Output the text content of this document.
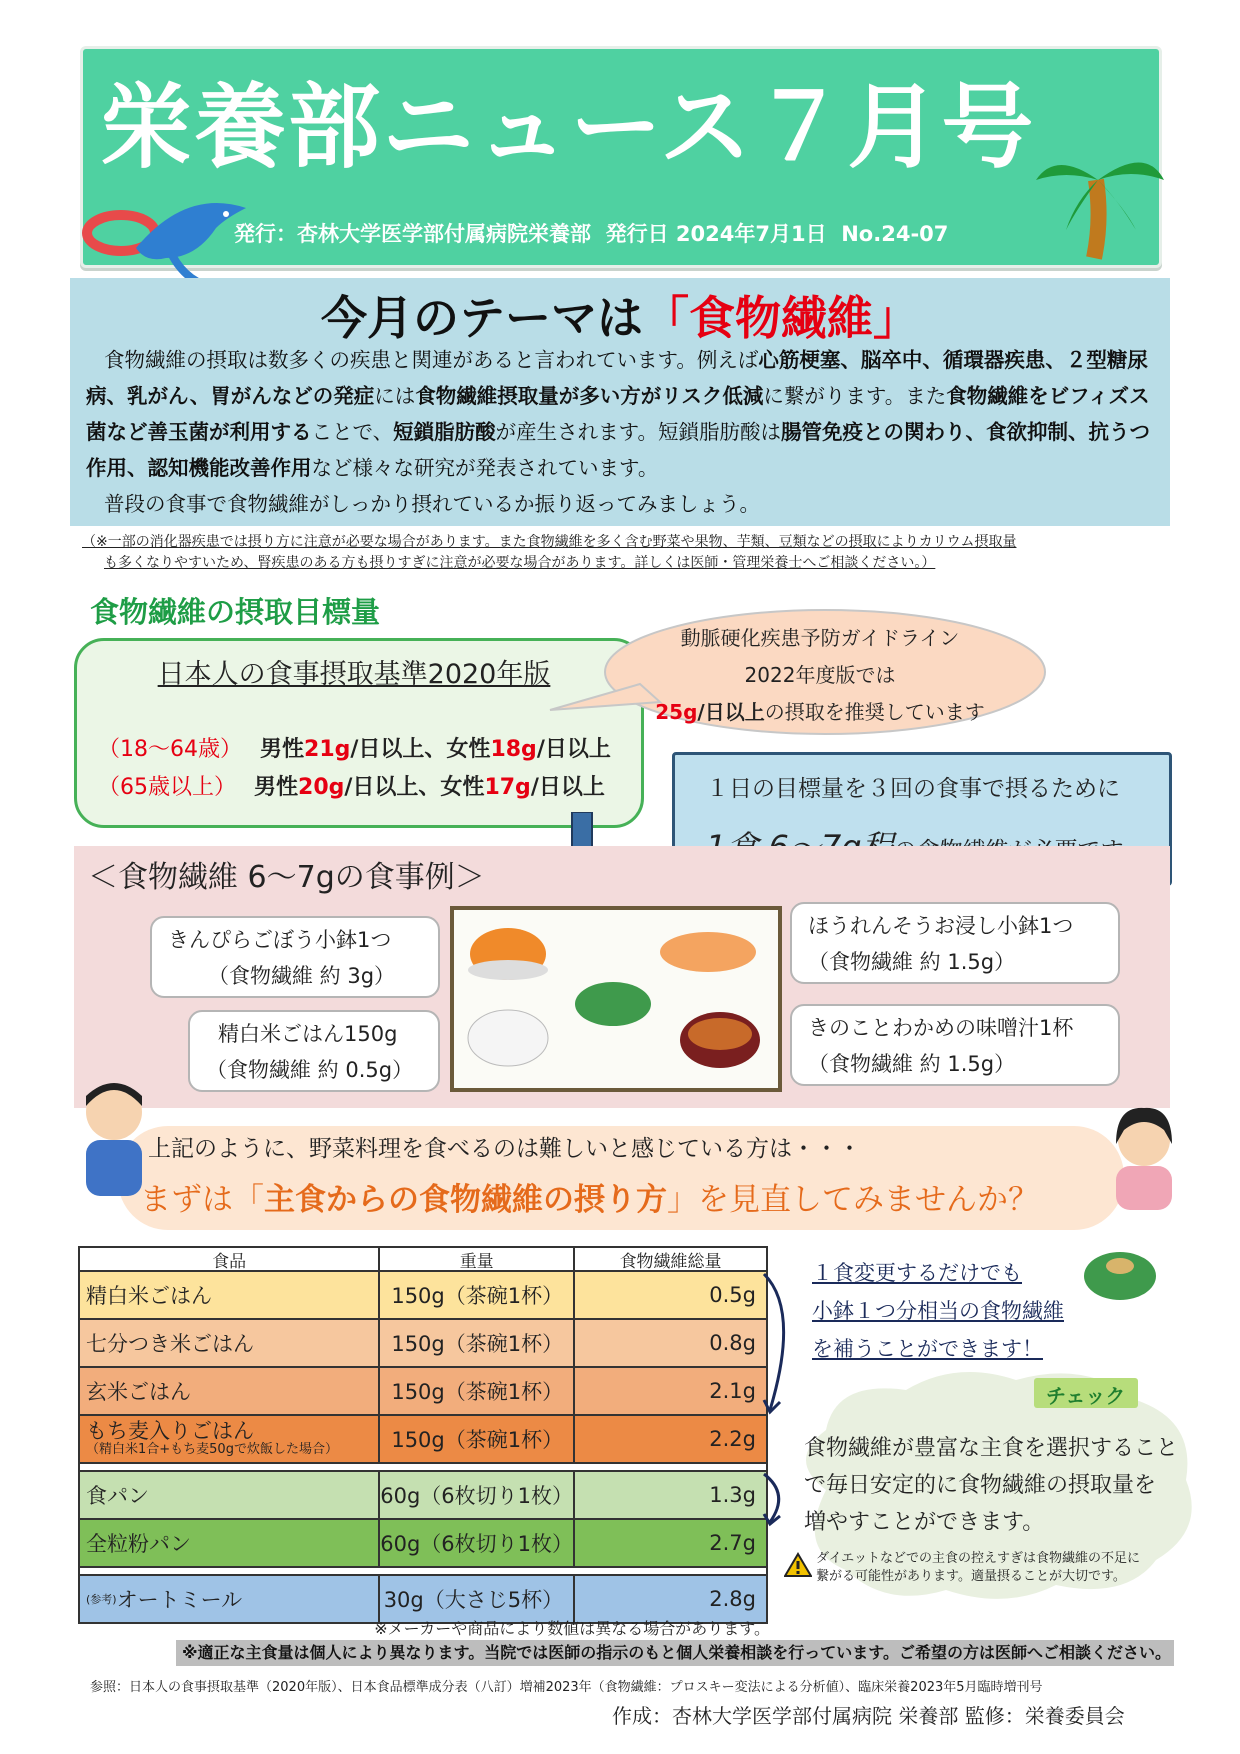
栄養部ニュース７月号
発行：杏林大学医学部付属病院栄養部 発行日 2024年7月1日 No.24-07
今月のテーマは「食物繊維」

食物繊維の摂取は数多くの疾患と関連があると言われています。例えば心筋梗塞、脳卒中、循環器疾患、２型糖尿病、乳がん、胃がんなどの発症には食物繊維摂取量が多い方がリスク低減に繋がります。また食物繊維をビフィズス菌など善玉菌が利用することで、短鎖脂肪酸が産生されます。短鎖脂肪酸は腸管免疫との関わり、食欲抑制、抗うつ作用、認知機能改善作用など様々な研究が発表されています。

普段の食事で食物繊維がしっかり摂れているか振り返ってみましょう。

（※一部の消化器疾患では摂り方に注意が必要な場合があります。また食物繊維を多く含む野菜や果物、芋類、豆類などの摂取によりカリウム摂取量
も多くなりやすいため、腎疾患のある方も摂りすぎに注意が必要な場合があります。詳しくは医師・管理栄養士へご相談ください。）
食物繊維の摂取目標量
日本人の食事摂取基準2020年版
（18～64歳） 男性21g/日以上、女性18g/日以上
（65歳以上） 男性20g/日以上、女性17g/日以上
動脈硬化疾患予防ガイドライン
2022年度版では
25g/日以上の摂取を推奨しています
１日の目標量を３回の食事で摂るために
＜食物繊維 6～7gの食事例＞
きんぴらごぼう小鉢1つ
（食物繊維 約 3g）
精白米ごはん150g
（食物繊維 約 0.5g）
ほうれんそうお浸し小鉢1つ
（食物繊維 約 1.5g）
きのことわかめの味噌汁1杯
（食物繊維 約 1.5g）
上記のように、野菜料理を食べるのは難しいと感じている方は・・・
まずは「主食からの食物繊維の摂り方」を見直してみませんか？
食品	重量	食物繊維総量
精白米ごはん	150g（茶碗1杯）	0.5g
七分つき米ごはん	150g（茶碗1杯）	0.8g
玄米ごはん	150g（茶碗1杯）	2.1g
もち麦入りごはん
（精白米1合+もち麦50gで炊飯した場合）	150g（茶碗1杯）	2.2g
食パン	60g（6枚切り1枚）	1.3g
全粒粉パン	60g（6枚切り1枚）	2.7g
(参考) オートミール	30g（大さじ5杯）	2.8g
※メーカーや商品により数値は異なる場合があります。
１食変更するだけでも
小鉢１つ分相当の食物繊維
を補うことができます！
チェック
食物繊維が豊富な主食を選択すること
で毎日安定的に食物繊維の摂取量を
増やすことができます。
ダイエットなどでの主食の控えすぎは食物繊維の不足に
繋がる可能性があります。適量摂ることが大切です。
※適正な主食量は個人により異なります。当院では医師の指示のもと個人栄養相談を行っています。ご希望の方は医師へご相談ください。
参照：日本人の食事摂取基準（2020年版）、日本食品標準成分表（八訂）増補2023年（食物繊維：プロスキー変法による分析値）、臨床栄養2023年5月臨時増刊号
作成：杏林大学医学部付属病院 栄養部 監修：栄養委員会
